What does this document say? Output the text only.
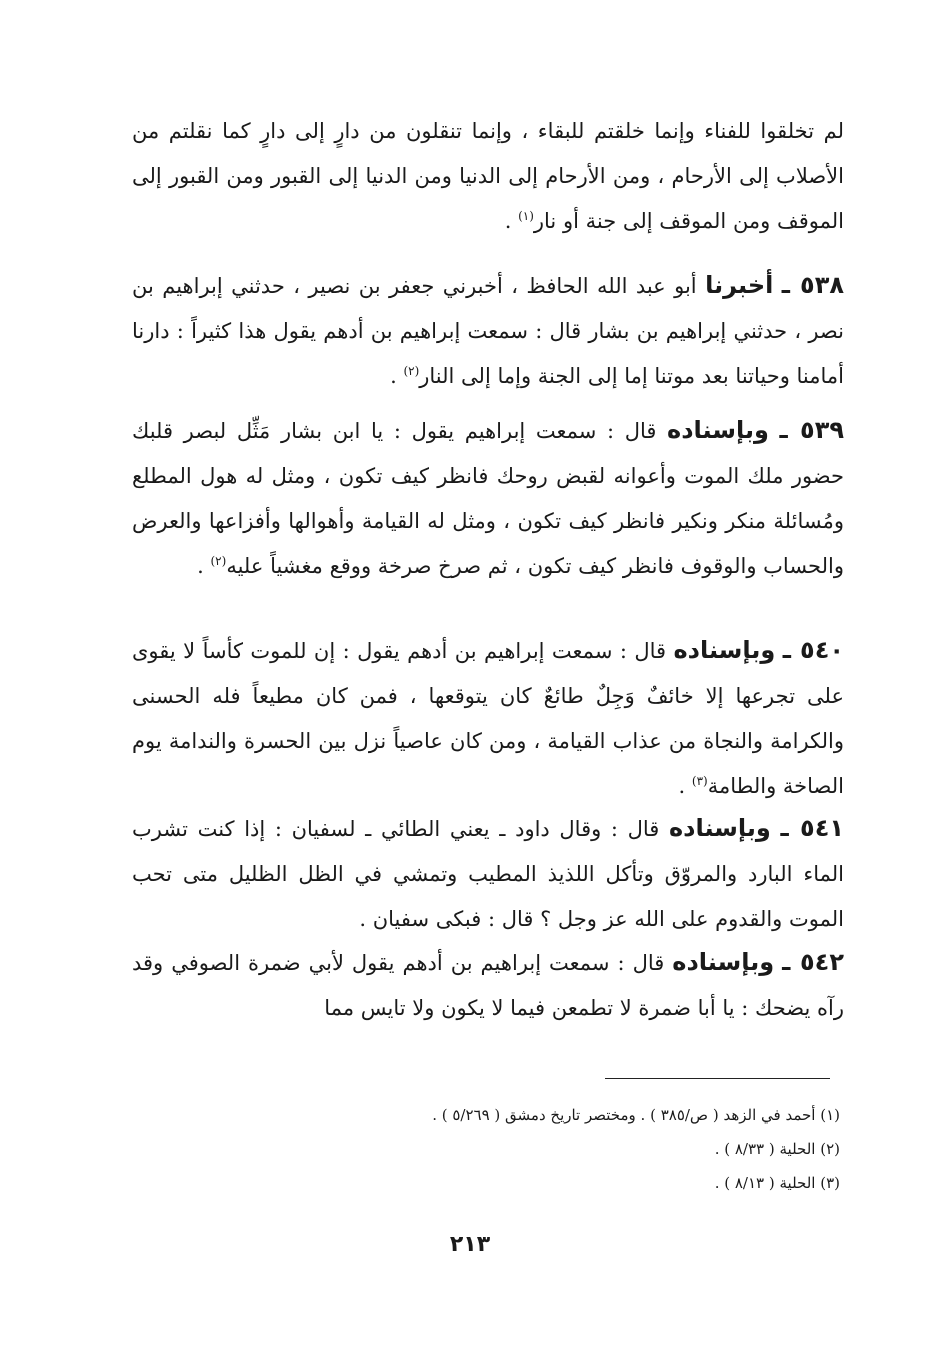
لم تخلقوا للفناء وإنما خلقتم للبقاء ، وإنما تنقلون من دارٍ إلى دارٍ كما نقلتم من الأصلاب إلى الأرحام ، ومن الأرحام إلى الدنيا ومن الدنيا إلى القبور ومن القبور إلى الموقف ومن الموقف إلى جنة أو نار$^{(١)}$ .

٥٣٨ ـ أخبرنا أبو عبد الله الحافظ ، أخبرني جعفر بن نصير ، حدثني إبراهيم بن نصر ، حدثني إبراهيم بن بشار قال : سمعت إبراهيم بن أدهم يقول هذا كثيراً : دارنا أمامنا وحياتنا بعد موتنا إما إلى الجنة وإما إلى النار$^{(٢)}$ .

٥٣٩ ـ وبإسناده قال : سمعت إبراهيم يقول : يا ابن بشار مَثِّل لبصر قلبك حضور ملك الموت وأعوانه لقبض روحك فانظر كيف تكون ، ومثل له هول المطلع ومُسائلة منكر ونكير فانظر كيف تكون ، ومثل له القيامة وأهوالها وأفزاعها والعرض والحساب والوقوف فانظر كيف تكون ، ثم صرخ صرخة ووقع مغشياً عليه$^{(٢)}$ .

٥٤٠ ـ وبإسناده قال : سمعت إبراهيم بن أدهم يقول : إن للموت كأساً لا يقوى على تجرعها إلا خائفٌ وَجِلٌ طائعٌ كان يتوقعها ، فمن كان مطيعاً فله الحسنى والكرامة والنجاة من عذاب القيامة ، ومن كان عاصياً نزل بين الحسرة والندامة يوم الصاخة والطامة$^{(٣)}$ .

٥٤١ ـ وبإسناده قال : وقال داود ـ يعني الطائي ـ لسفيان : إذا كنت تشرب الماء البارد والمروّق وتأكل اللذيذ المطيب وتمشي في الظل الظليل متى تحب الموت والقدوم على الله عز وجل ؟ قال : فبكى سفيان .

٥٤٢ ـ وبإسناده قال : سمعت إبراهيم بن أدهم يقول لأبي ضمرة الصوفي وقد رآه يضحك : يا أبا ضمرة لا تطمعن فيما لا يكون ولا تايس مما

(١) أحمد في الزهد ( ص/٣٨٥ ) . ومختصر تاريخ دمشق ( ٥/٢٦٩ ) .

(٢) الحلية ( ٨/٣٣ ) .

(٣) الحلية ( ٨/١٣ ) .

٢١٣
